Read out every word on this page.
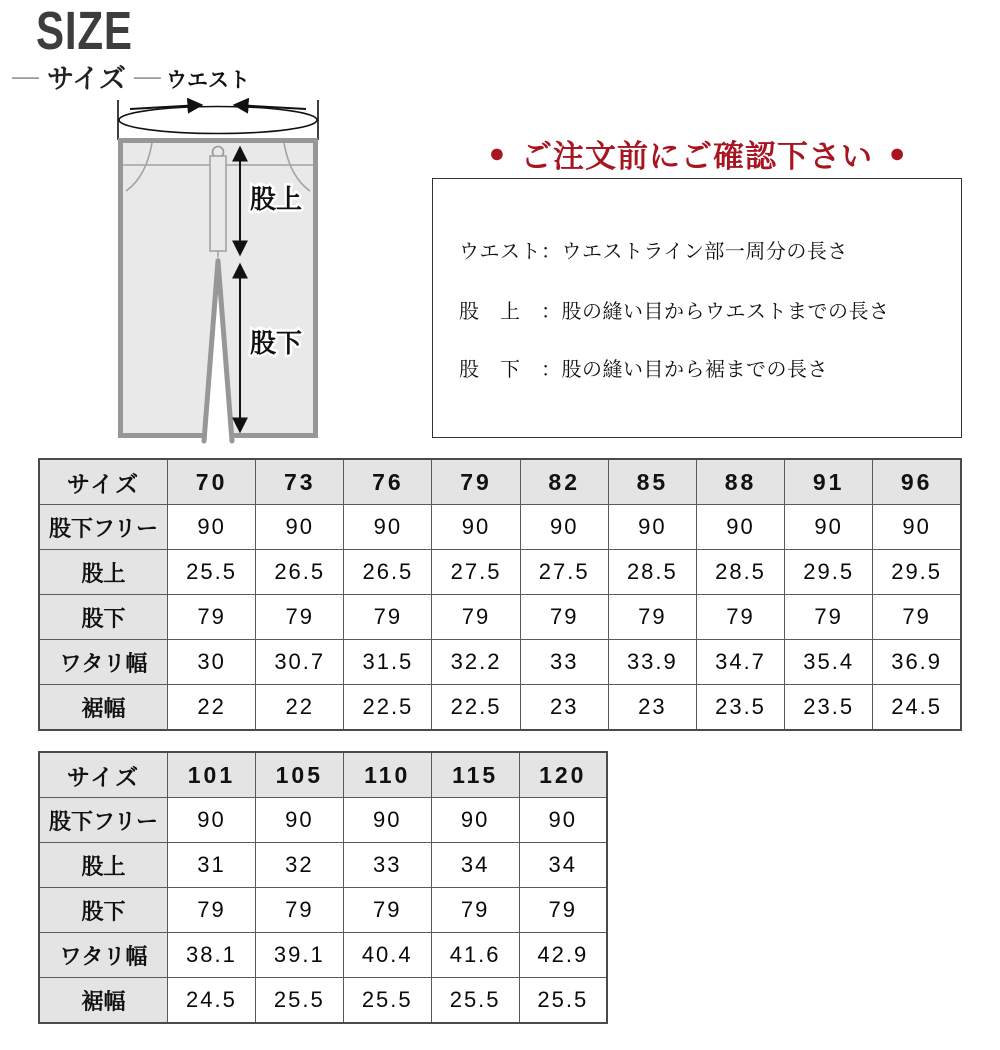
SIZE
— サイズ — ウエスト
股上
股下
● ご注文前にご確認下さい ●
ウエスト：ウエストライン部一周分の長さ
股　上　：股の縫い目からウエストまでの長さ
股　下　：股の縫い目から裾までの長さ
サイズ	70	73	76	79	82	85	88	91	96
股下フリー	90	90	90	90	90	90	90	90	90
股上	25.5	26.5	26.5	27.5	27.5	28.5	28.5	29.5	29.5
股下	79	79	79	79	79	79	79	79	79
ワタリ幅	30	30.7	31.5	32.2	33	33.9	34.7	35.4	36.9
裾幅	22	22	22.5	22.5	23	23	23.5	23.5	24.5
サイズ	101	105	110	115	120
股下フリー	90	90	90	90	90
股上	31	32	33	34	34
股下	79	79	79	79	79
ワタリ幅	38.1	39.1	40.4	41.6	42.9
裾幅	24.5	25.5	25.5	25.5	25.5
